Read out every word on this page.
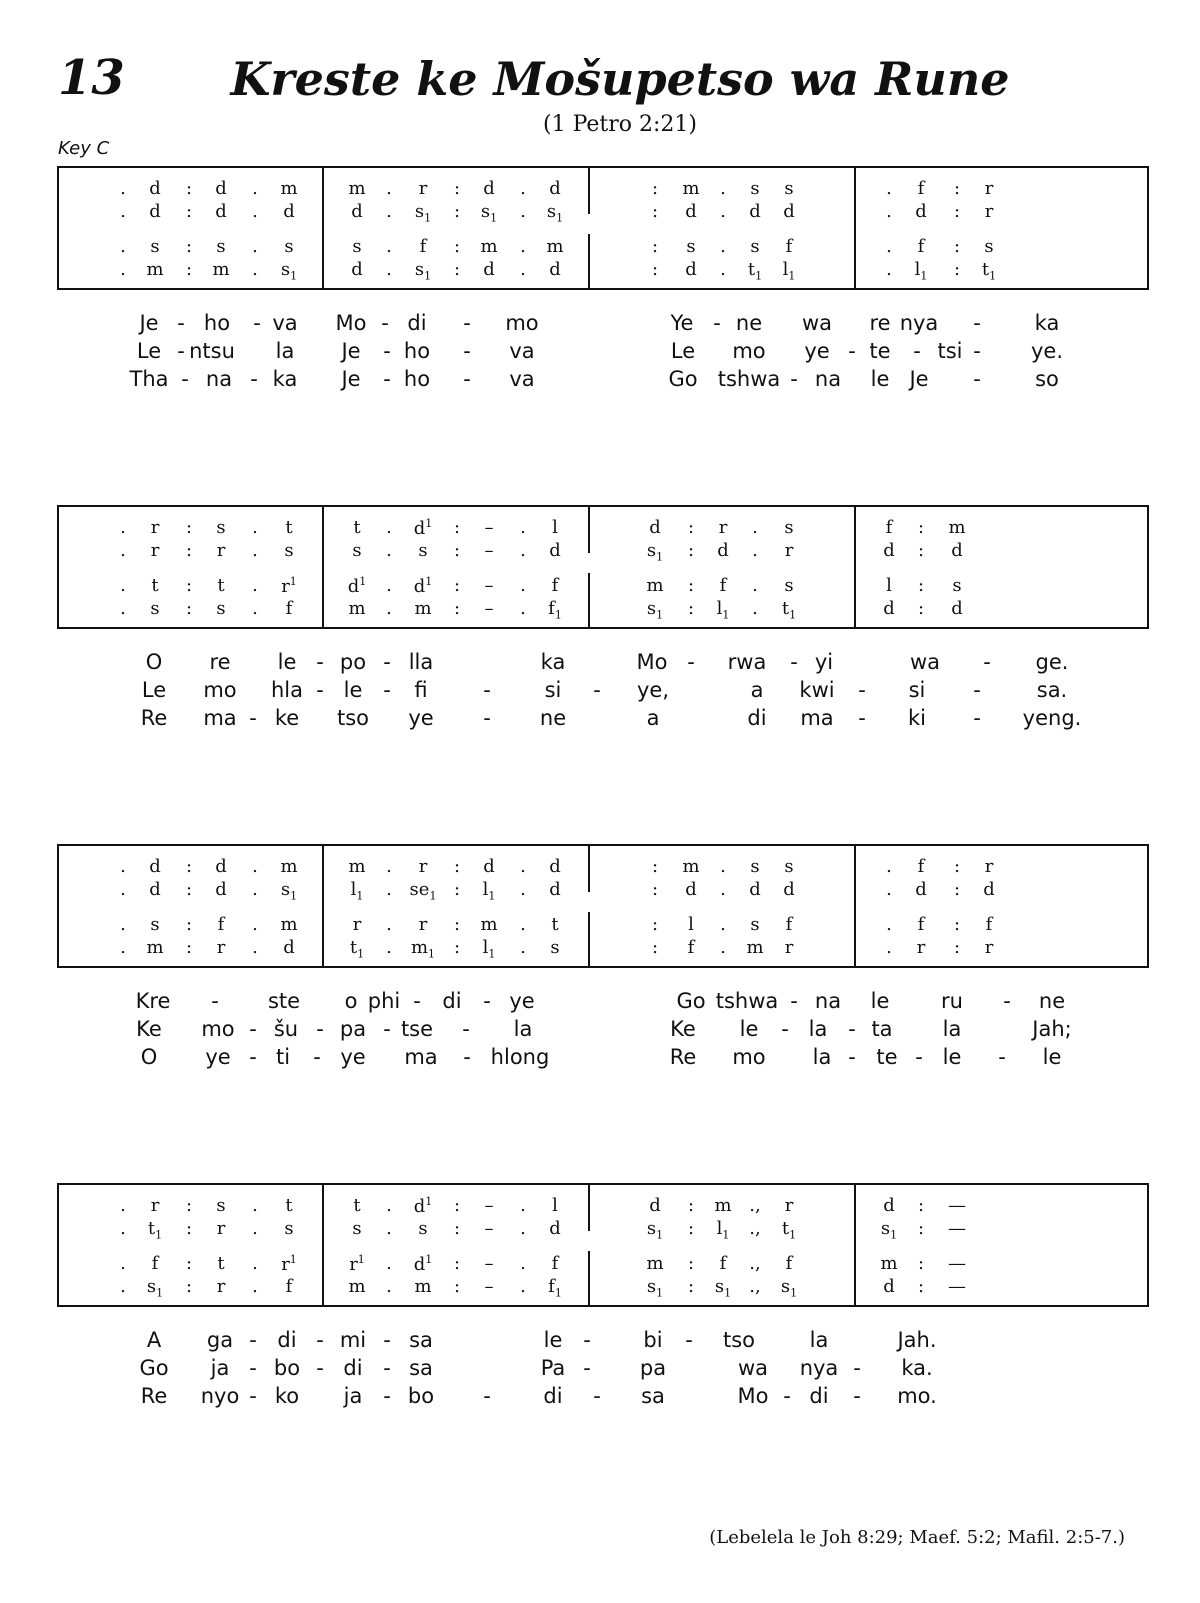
13	Kreste ke Mošupetso wa Rune
(1 Petro 2:21)
Key C
. d : d . m	m . r : d . d	: m . s s	. f : r
. d : d . d	d . $s_1$ : $s_1$ . $s_1$	: d . d d	. d : r
. s : s . s	s . f : m . m	: s . s f	. f : s
. m : m . $s_1$	d . $s_1$ : d . d	: d . $t_1$ $l_1$	. $l_1$ : $t_1$
Je - ho - va Mo - di - mo	Ye - ne wa re nya -	ka
Le - ntsu la Je - ho - va	Le mo ye - te - tsi - ye.
Tha - na - ka Je - ho - va	Go tshwa - na le Je -	so
. r : s . t	t . $d^1$ : – . l	d : r . s	f : m
. r : r . s	s . s : – . d	$s_1$ : d . r	d : d
. t : t . $r^1$	$d^1$ . $d^1$ : – . f	m : f . s	l : s
. s : s . f	m . m : – . $f_1$	$s_1$ : $l_1$ . $t_1$	d : d
O re le - po - lla	ka	Mo - rwa - yi	wa - ge.
Le mo hla - le - fi	-	si - ye,	a kwi - si -	sa.
Re ma - ke tso ye - ne	a	di ma - ki - yeng.
. d : d . m	m . r : d . d	: m . s s	. f : r
. d : d . $s_1$	$l_1$ . $se_1$ : $l_1$ . d	: d . d d	. d : d
. s : f . m	r . r : m . t	: l . s f	. f : f
. m : r . d	$t_1$ . $m_1$ : $l_1$ . s	: f . m r	. r : r
Kre - ste o phi - di - ye	Go tshwa - na le ru - ne
Ke mo - šu - pa - tse - la	Ke le - la - ta la	Jah;
O ye - ti - ye ma - hlong	Re mo la - te - le - le
. r : s . t	t . $d^1$ : – . l	d : m ., r	d : —
. $t_1$ : r . s	s . s : – . d	$s_1$ : $l_1$ ., $t_1$	$s_1$ : —
. f : t . $r^1$	$r^1$ . $d^1$ : – . f	m : f ., f	m : —
. $s_1$ : r . f	m . m : – . $f_1$	$s_1$ : $s_1$ ., $s_1$	d : —
A ga - di - mi - sa	le -	bi - tso	la	Jah.
Go ja - bo - di - sa	Pa - pa	wa nya - ka.
Re nyo - ko ja - bo -	di - sa	Mo - di - mo.
(Lebelela le Joh 8:29; Maef. 5:2; Mafil. 2:5-7.)
